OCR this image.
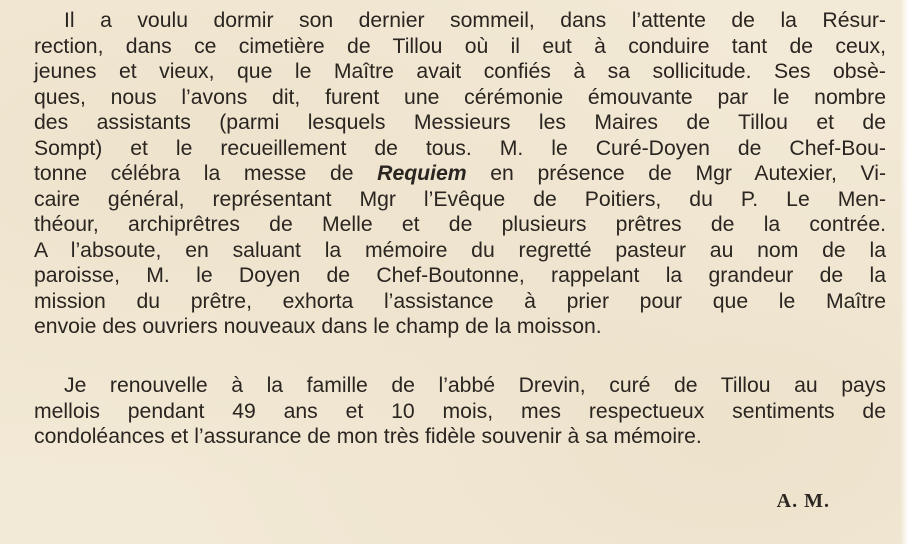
Il a voulu dormir son dernier sommeil, dans l’attente de la Résur-
rection, dans ce cimetière de Tillou où il eut à conduire tant de ceux,
jeunes et vieux, que le Maître avait confiés à sa sollicitude. Ses obsè-
ques, nous l’avons dit, furent une cérémonie émouvante par le nombre
des assistants (parmi lesquels Messieurs les Maires de Tillou et de
Sompt) et le recueillement de tous. M. le Curé-Doyen de Chef-Bou-
tonne célébra la messe de Requiem en présence de Mgr Autexier, Vi-
caire général, représentant Mgr l’Evêque de Poitiers, du P. Le Men-
théour, archiprêtres de Melle et de plusieurs prêtres de la contrée.
A l’absoute, en saluant la mémoire du regretté pasteur au nom de la
paroisse, M. le Doyen de Chef-Boutonne, rappelant la grandeur de la
mission du prêtre, exhorta l’assistance à prier pour que le Maître
envoie des ouvriers nouveaux dans le champ de la moisson.
Je renouvelle à la famille de l’abbé Drevin, curé de Tillou au pays
mellois pendant 49 ans et 10 mois, mes respectueux sentiments de
condoléances et l’assurance de mon très fidèle souvenir à sa mémoire.
A. M.
